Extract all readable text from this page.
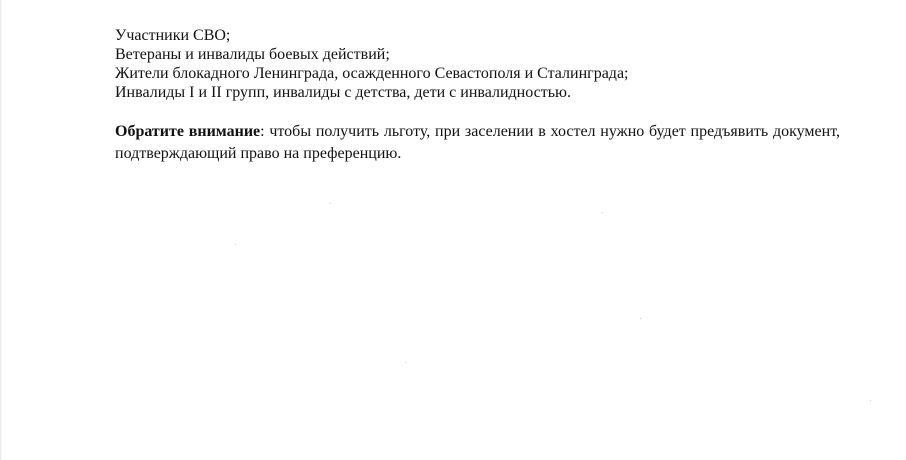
Участники СВО;
Ветераны и инвалиды боевых действий;
Жители блокадного Ленинграда, осажденного Севастополя и Сталинграда;
Инвалиды I и II групп, инвалиды с детства, дети с инвалидностью.

Обратите внимание: чтобы получить льготу, при заселении в хостел нужно будет предъявить документ, подтверждающий право на преференцию.
